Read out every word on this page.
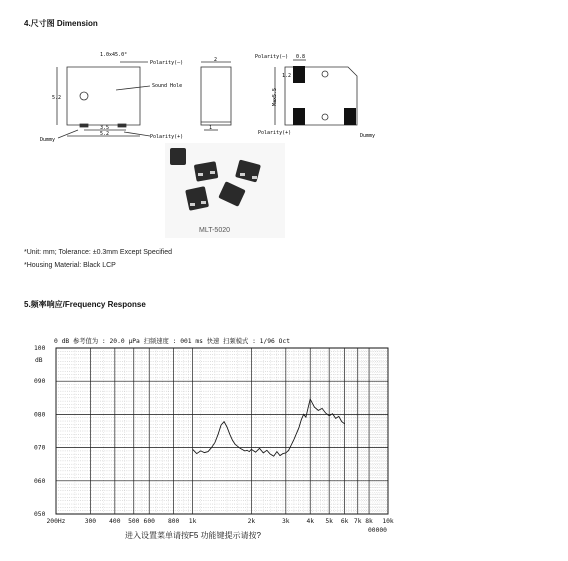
4.尺寸图 Dimension
1.0x45.0°
Polarity(–)
Sound Hole
5.2
3.5
5.2
Dummy	Polarity(+)
2
1
Polarity(–) 0.8
1.2
Max5.5
Polarity(+)	Dummy
MLT-5020
*Unit: mm; Tolerance: ±0.3mm Except Specified
*Housing Material: Black LCP
5.频率响应/Frequency Response
0 dB 参考值为 : 20.0 μPa 扫频速度 : 001 ms 快速 扫频模式 : 1/96 Oct
dB
100
090
080
070
060
050
200Hz	300 400 500 600 800 1k	2k	3k	4k 5k 6k 7k 8k 10k
00000
进入设置菜单请按F5 功能键提示请按?
